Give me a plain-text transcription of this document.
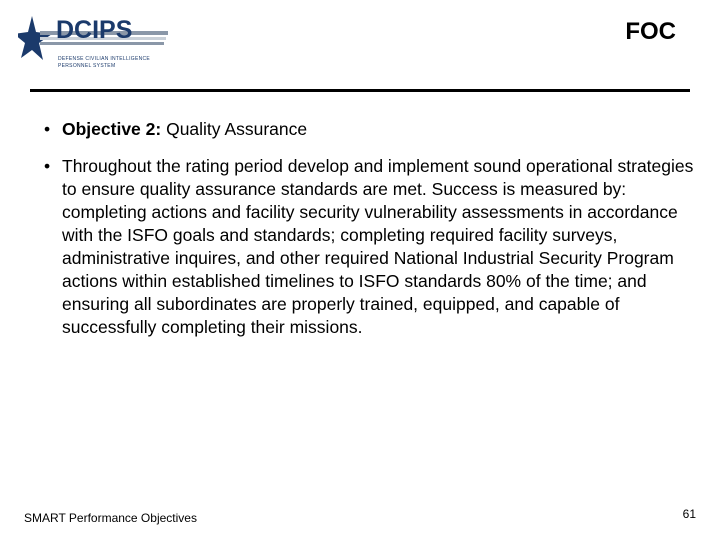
DCIPS
DEFENSE CIVILIAN INTELLIGENCE
PERSONNEL SYSTEM
FOC
• Objective 2: Quality Assurance
• Throughout the rating period develop and implement sound operational strategies to ensure quality assurance standards are met. Success is measured by: completing actions and facility security vulnerability assessments in accordance with the ISFO goals and standards; completing required facility surveys, administrative inquires, and other required National Industrial Security Program actions within established timelines to ISFO standards 80% of the time; and ensuring all subordinates are properly trained, equipped, and capable of successfully completing their missions.
SMART Performance Objectives	61
